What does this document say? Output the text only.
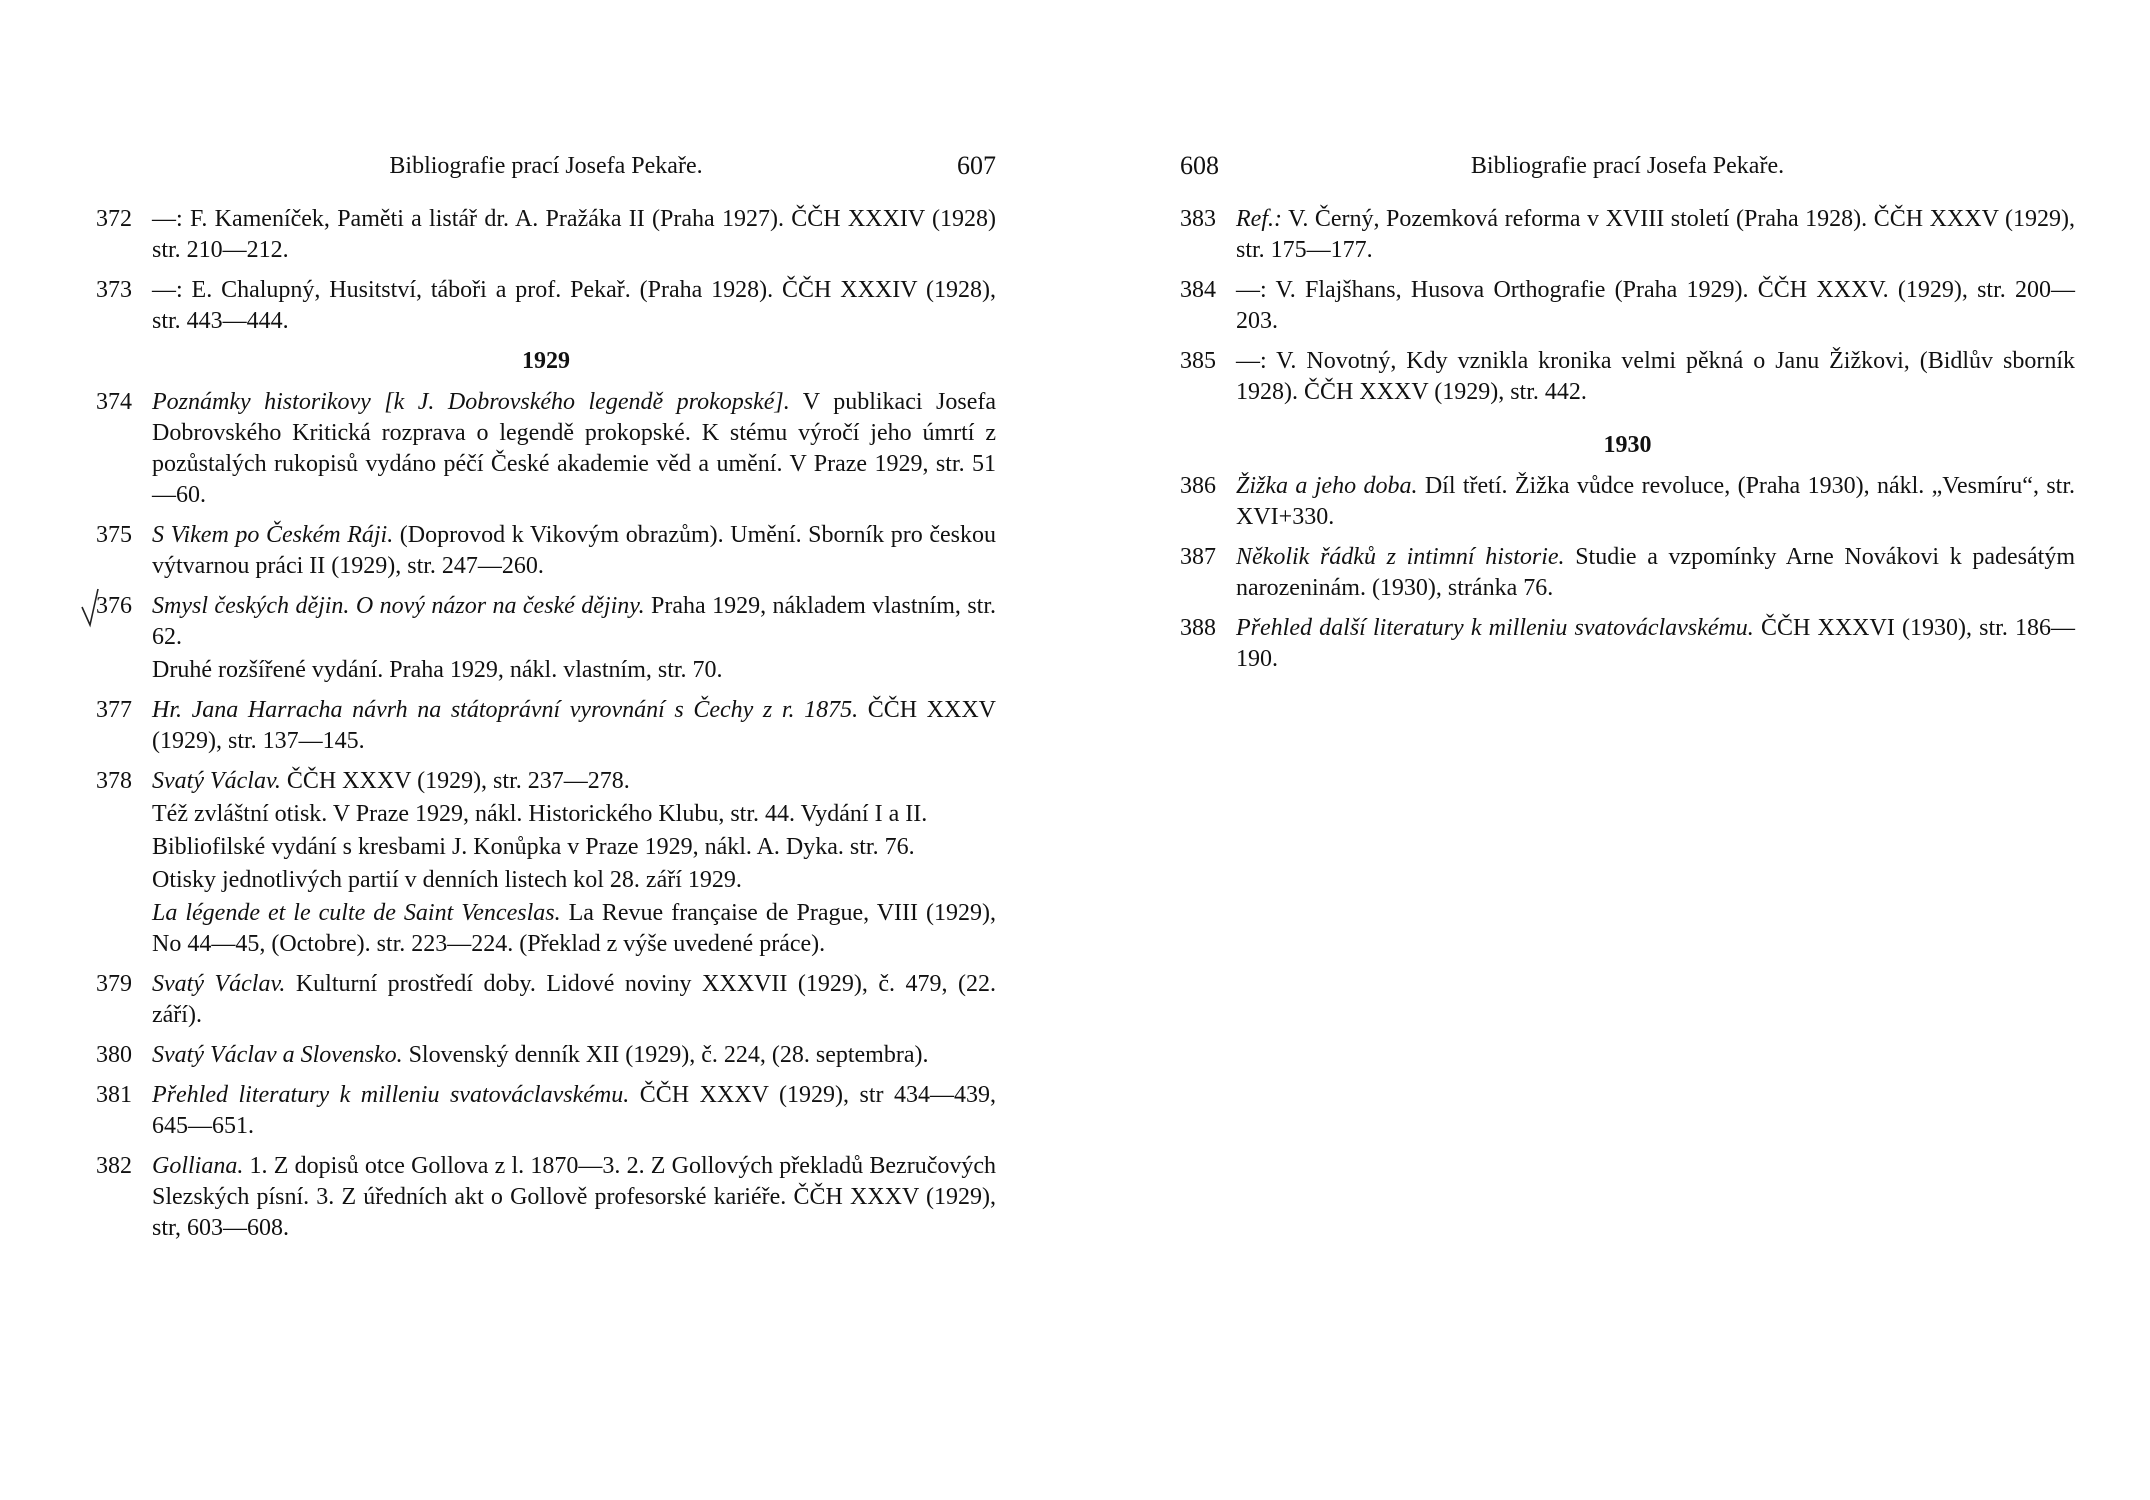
Bibliografie prací Josefa Pekaře.	607
372 —: F. Kameníček, Paměti a listář dr. A. Pražáka II (Praha 1927). ČČH XXXIV (1928) str. 210—212.
373 —: E. Chalupný, Husitství, táboři a prof. Pekař. (Praha 1928). ČČH XXXIV (1928), str. 443—444.
1929
374 Poznámky historikovy [k J. Dobrovského legendě prokopské]. V publikaci Josefa Dobrovského Kritická rozprava o legendě prokopské. K stému výročí jeho úmrtí z pozůstalých rukopisů vydáno péčí České akademie věd a umění. V Praze 1929, str. 51—60.
375 S Vikem po Českém Ráji. (Doprovod k Vikovým obrazům). Umění. Sborník pro českou výtvarnou práci II (1929), str. 247—260.
376 Smysl českých dějin. O nový názor na české dějiny. Praha 1929, nákladem vlastním, str. 62.
Druhé rozšířené vydání. Praha 1929, nákl. vlastním, str. 70.
377 Hr. Jana Harracha návrh na státoprávní vyrovnání s Čechy z r. 1875. ČČH XXXV (1929), str. 137—145.
378 Svatý Václav. ČČH XXXV (1929), str. 237—278.
Též zvláštní otisk. V Praze 1929, nákl. Historického Klubu, str. 44. Vydání I a II.
Bibliofilské vydání s kresbami J. Konůpka v Praze 1929, nákl. A. Dyka. str. 76.
Otisky jednotlivých partií v denních listech kol 28. září 1929.
La légende et le culte de Saint Venceslas. La Revue française de Prague, VIII (1929), No 44—45, (Octobre). str. 223—224. (Překlad z výše uvedené práce).
379 Svatý Václav. Kulturní prostředí doby. Lidové noviny XXXVII (1929), č. 479, (22. září).
380 Svatý Václav a Slovensko. Slovenský denník XII (1929), č. 224, (28. septembra).
381 Přehled literatury k milleniu svatováclavskému. ČČH XXXV (1929), str 434—439, 645—651.
382 Golliana. 1. Z dopisů otce Gollova z l. 1870—3. 2. Z Gollových překladů Bezručových Slezských písní. 3. Z úředních akt o Gollově profesorské kariéře. ČČH XXXV (1929), str, 603—608.
608	Bibliografie prací Josefa Pekaře.
383 Ref.: V. Černý, Pozemková reforma v XVIII století (Praha 1928). ČČH XXXV (1929), str. 175—177.
384 —: V. Flajšhans, Husova Orthografie (Praha 1929). ČČH XXXV. (1929), str. 200—203.
385 —: V. Novotný, Kdy vznikla kronika velmi pěkná o Janu Žižkovi, (Bidlův sborník 1928). ČČH XXXV (1929), str. 442.
1930
386 Žižka a jeho doba. Díl třetí. Žižka vůdce revoluce, (Praha 1930), nákl. „Vesmíru“, str. XVI+330.
387 Několik řádků z intimní historie. Studie a vzpomínky Arne Novákovi k padesátým narozeninám. (1930), stránka 76.
388 Přehled další literatury k milleniu svatováclavskému. ČČH XXXVI (1930), str. 186—190.
